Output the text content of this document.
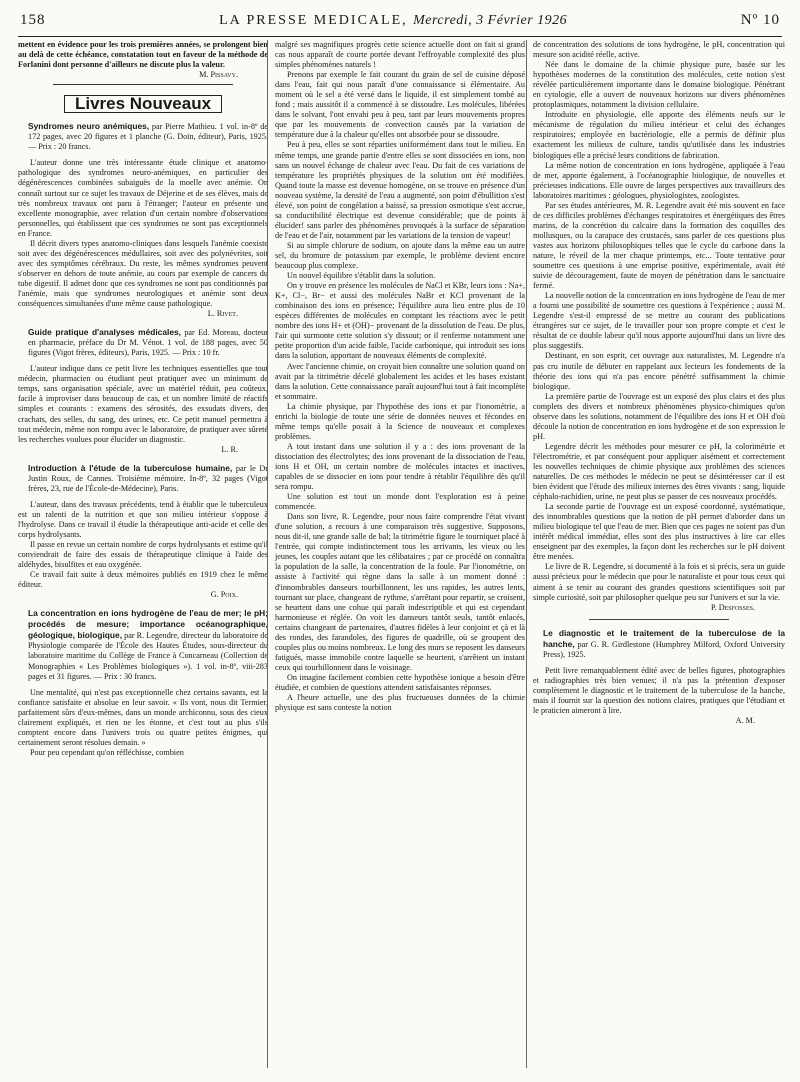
158	LA PRESSE MEDICALE, Mercredi, 3 Février 1926	Nº 10

mettent en évidence pour les trois premières années, se prolongent bien au delà de cette échéance, constatation tout en faveur de la méthode de Forlanini dont personne d'ailleurs ne discute plus la valeur.

M. Pissavy.

Livres Nouveaux

Syndromes neuro anémiques, par Pierre Mathieu. 1 vol. in-8º de 172 pages, avec 20 figures et 1 planche (G. Doin, éditeur), Paris, 1925. — Prix : 20 francs.

L'auteur donne une très intéressante étude clinique et anatomo-pathologique des syndromes neuro-anémiques, en particulier des dégénérescences combinées subaiguës de la moelle avec anémie. On connaît surtout sur ce sujet les travaux de Déjerine et de ses élèves, mais de très nombreux travaux ont paru à l'étranger; l'auteur en présente une excellente monographie, avec relation d'un certain nombre d'observations personnelles, qui établissent que ces syndromes ne sont pas exceptionnels en France.

Il décrit divers types anatomo-cliniques dans lesquels l'anémie coexiste soit avec des dégénérescences médullaires, soit avec des polynévrites, soit avec des symptômes cérébraux. Du reste, les mêmes syndromes peuvent s'observer en dehors de toute anémie, au cours par exemple de cancers du tube digestif. Il admet donc que ces syndromes ne sont pas conditionnés par l'anémie, mais que syndromes neurologiques et anémie sont deux conséquences simultanées d'une même cause pathologique.

L. Rivet.

Guide pratique d'analyses médicales, par Ed. Moreau, docteur en pharmacie, préface du Dr M. Vénot. 1 vol. de 188 pages, avec 50 figures (Vigot frères, éditeurs), Paris, 1925. — Prix : 10 fr.

L'auteur indique dans ce petit livre les techniques essentielles que tout médecin, pharmacien ou étudiant peut pratiquer avec un minimum de temps, sans organisation spéciale, avec un matériel réduit, peu coûteux, facile à improviser dans beaucoup de cas, et un nombre limité de réactifs simples et courants : examens des sérosités, des exsudats divers, des crachats, des selles, du sang, des urines, etc. Ce petit manuel permettra à tout médecin, même non rompu avec le laboratoire, de pratiquer avec sûreté les recherches voulues pour élucider un diagnostic.

L. R.

Introduction à l'étude de la tuberculose humaine, par le Dr Justin Roux, de Cannes. Troisième mémoire. In-8º, 32 pages (Vigot frères, 23, rue de l'École-de-Médecine), Paris.

L'auteur, dans des travaux précédents, tend à établir que le tuberculeux est un ralenti de la nutrition et que son milieu intérieur s'oppose à l'hydrolyse. Dans ce travail il étudie la thérapeutique anti-acide et celle des corps hydrolysants.

Il passe en revue un certain nombre de corps hydrolysants et estime qu'il conviendrait de faire des essais de thérapeutique clinique à l'aide des aldéhydes, bisulfites et eau oxygénée.

Ce travail fait suite à deux mémoires publiés en 1919 chez le même éditeur.

G. Poix.

La concentration en ions hydrogène de l'eau de mer; le pH; procédés de mesure; importance océanographique, géologique, biologique, par R. Legendre, directeur du laboratoire de Physiologie comparée de l'École des Hautes Études, sous-directeur du laboratoire maritime du Collège de France à Concarneau (Collection de Monographies « Les Problèmes biologiques »). 1 vol. in-8º, viii-283 pages et 31 figures. — Prix : 30 francs.

Une mentalité, qui n'est pas exceptionnelle chez certains savants, est la confiance satisfaite et absolue en leur savoir. « Ils vont, nous dit Termier, parfaitement sûrs d'eux-mêmes, dans un monde archiconnu, sous des cieux clairement expliqués, et rien ne les étonne, et c'est tout au plus s'ils comptent encore dans l'univers trois ou quatre petites énigmes, qui certainement seront résolues demain. »

Pour peu cependant qu'on réfléchisse, combien

malgré ses magnifiques progrès cette science actuelle dont on fait si grand cas nous apparaît de courte portée devant l'effroyable complexité des plus simples phénomènes naturels !

Prenons par exemple le fait courant du grain de sel de cuisine déposé dans l'eau, fait qui nous paraît d'une connaissance si élémentaire. Au moment où le sel a été versé dans le liquide, il est simplement tombé au fond ; mais aussitôt il a commencé à se dissoudre. Les molécules, libérées dans le solvant, l'ont envahi peu à peu, tant par leurs mouvements propres que par les mouvements de convection causés par la variation de température due à la chaleur qu'elles ont absorbée pour se dissoudre.

Peu à peu, elles se sont réparties uniformément dans tout le milieu. En même temps, une grande partie d'entre elles se sont dissociées en ions, non sans un nouvel échange de chaleur avec l'eau. Du fait de ces variations de température les propriétés physiques de la solution ont été modifiées. Quand toute la masse est devenue homogène, on se trouve en présence d'un nouveau système, la densité de l'eau a augmenté, son point d'ébullition s'est élevé, son point de congélation a baissé, sa pression osmotique s'est accrue, sa conductibilité électrique est devenue considérable; que de points à élucider! sans parler des phénomènes provoqués à la surface de séparation de l'eau et de l'air, notamment par les variations de la tension de vapeur!

Si au simple chlorure de sodium, on ajoute dans la même eau un autre sel, du bromure de potassium par exemple, le problème devient encore beaucoup plus complexe.

Un nouvel équilibre s'établit dans la solution.

On y trouve en présence les molécules de NaCl et KBr, leurs ions : Na+, K+, Cl−, Br− et aussi des molécules NaBr et KCl provenant de la combinaison des ions en présence; l'équilibre aura lieu entre plus de 10 espèces différentes de molécules en comptant les réactions avec le petit nombre des ions H+ et (OH)− provenant de la dissolution de l'eau. De plus, l'air qui surmonte cette solution s'y dissout; or il renferme notamment une petite proportion d'un acide faible, l'acide carbonique, qui introduit ses ions dans la solution, apportant de nouveaux éléments de complexité.

Avec l'ancienne chimie, on croyait bien connaître une solution quand on avait par la titrimétrie décelé globalement les acides et les bases existant dans la solution. Cette connaissance paraît aujourd'hui tout à fait incomplète et sommaire.

La chimie physique, par l'hypothèse des ions et par l'ionométrie, a enrichi la biologie de toute une série de données neuves et fécondes en même temps qu'elle posait à la Science de nouveaux et complexes problèmes.

A tout instant dans une solution il y a : des ions provenant de la dissociation des électrolytes; des ions provenant de la dissociation de l'eau, ions H et OH, un certain nombre de molécules intactes et inactives, capables de se dissocier en ions pour tendre à rétablir l'équilibre dès qu'il sera rompu.

Une solution est tout un monde dont l'exploration est à peine commencée.

Dans son livre, R. Legendre, pour nous faire comprendre l'état vivant d'une solution, a recours à une comparaison très suggestive. Supposons, nous dit-il, une grande salle de bal; la titrimétrie figure le tourniquet placé à l'entrée, qui compte indistinctement tous les arrivants, les vieux ou les jeunes, les couples autant que les célibataires ; par ce procédé on connaîtra la population de la salle, la concentration de la foule. Par l'ionométrie, on assiste à l'activité qui règne dans la salle à un moment donné : d'innombrables danseurs tourbillonnent, les uns rapides, les autres lents, tournant sur place, changeant de rythme, s'arrêtant pour repartir, se croisent, se heurtent dans une cohue qui paraît indescriptible et qui est cependant harmonieuse et réglée. On voit les danseurs tantôt seuls, tantôt enlacés, certains changeant de partenaires, d'autres fidèles à leur conjoint et çà et là des rondes, des farandoles, des figures de quadrille, où se groupent des couples plus ou moins nombreux. Le long des murs se reposent les danseurs fatigués, masse immobile contre laquelle se heurtent, s'arrêtent un instant ceux qui tourbillonnent dans le voisinage.

On imagine facilement combien cette hypothèse ionique a besoin d'être étudiée, et combien de questions attendent satisfaisantes réponses.

A l'heure actuelle, une des plus fructueuses données de la chimie physique est sans conteste la notion

de concentration des solutions de ions hydrogène, le pH, concentration qui mesure son acidité réelle, active.

Née dans le domaine de la chimie physique pure, basée sur les hypothèses modernes de la constitution des molécules, cette notion s'est révélée particulièrement importante dans le domaine biologique. Pénétrant en cytologie, elle a ouvert de nouveaux horizons sur divers phénomènes protoplasmiques, notamment la division cellulaire.

Introduite en physiologie, elle apporte des éléments neufs sur le mécanisme de régulation du milieu intérieur et celui des échanges respiratoires; employée en bactériologie, elle a permis de définir plus exactement les milieux de culture, tandis qu'utilisée dans les industries biologiques elle a précisé leurs conditions de fabrication.

La même notion de concentration en ions hydrogène, appliquée à l'eau de mer, apporte également, à l'océanographie biologique, de nouvelles et précieuses indications. Elle ouvre de larges perspectives aux travailleurs des laboratoires maritimes : géologues, physiologistes, zoologistes.

Par ses études antérieures, M. R. Legendre avait été mis souvent en face de ces difficiles problèmes d'échanges respiratoires et énergétiques des êtres marins, de la concrétion du calcaire dans la formation des coquilles des mollusques, ou la carapace des crustacés, sans parler de ces questions plus vastes aux horizons philosophiques telles que le cycle du carbone dans la nature, le réveil de la mer chaque printemps, etc... Toute tentative pour soumettre ces questions à une emprise positive, expérimentale, avait été suivie de découragement, faute de moyen de pénétration dans le sanctuaire fermé.

La nouvelle notion de la concentration en ions hydrogène de l'eau de mer a fourni une possibilité de soumettre ces questions à l'expérience ; aussi M. Legendre s'est-il empressé de se mettre au courant des publications étrangères sur ce sujet, de le travailler pour son propre compte et c'est le résultat de ce double labeur qu'il nous apporte aujourd'hui dans un livre des plus suggestifs.

Destinant, en son esprit, cet ouvrage aux naturalistes, M. Legendre n'a pas cru inutile de débuter en rappelant aux lecteurs les fondements de la théorie des ions qui n'a pas encore pénétré suffisamment la chimie biologique.

La première partie de l'ouvrage est un exposé des plus clairs et des plus complets des divers et nombreux phénomènes physico-chimiques qu'on observe dans les solutions, notamment de l'équilibre des ions H et OH d'où découle la notion de concentration en ions hydrogène et de son expression le pH.

Legendre décrit les méthodes pour mesurer ce pH, la colorimétrie et l'électrométrie, et par conséquent pour appliquer aisément et correctement les nouvelles techniques de chimie physique aux problèmes des sciences naturelles. De ces méthodes le médecin ne peut se désintéresser car il est bien évident que l'étude des milieux internes des êtres vivants : sang, liquide céphalo-rachidien, urine, ne peut plus se passer de ces nouveaux procédés.

La seconde partie de l'ouvrage est un exposé coordonné, systématique, des innombrables questions que la notion de pH permet d'aborder dans un milieu biologique tel que l'eau de mer. Bien que ces pages ne soient pas d'un intérêt médical immédiat, elles sont des plus instructives à lire car elles enseignent par des exemples, la façon dont les recherches sur le pH doivent être menées.

Le livre de R. Legendre, si documenté à la fois et si précis, sera un guide aussi précieux pour le médecin que pour le naturaliste et pour tous ceux qui aiment à se tenir au courant des grandes questions scientifiques soit par simple curiosité, soit par philosopher quelque peu sur l'univers et sur la vie.

P. Desfosses.

Le diagnostic et le traitement de la tuberculose de la hanche, par G. R. Girdlestone (Humphrey Milford, Oxford University Press), 1925.

Petit livre remarquablement édité avec de belles figures, photographies et radiographies très bien venues; il n'a pas la prétention d'exposer complètement le diagnostic et le traitement de la tuberculose de la hanche, mais il fournit sur la question des notions claires, pratiques que l'étudiant et le praticien aimeront à lire.

A. M.
